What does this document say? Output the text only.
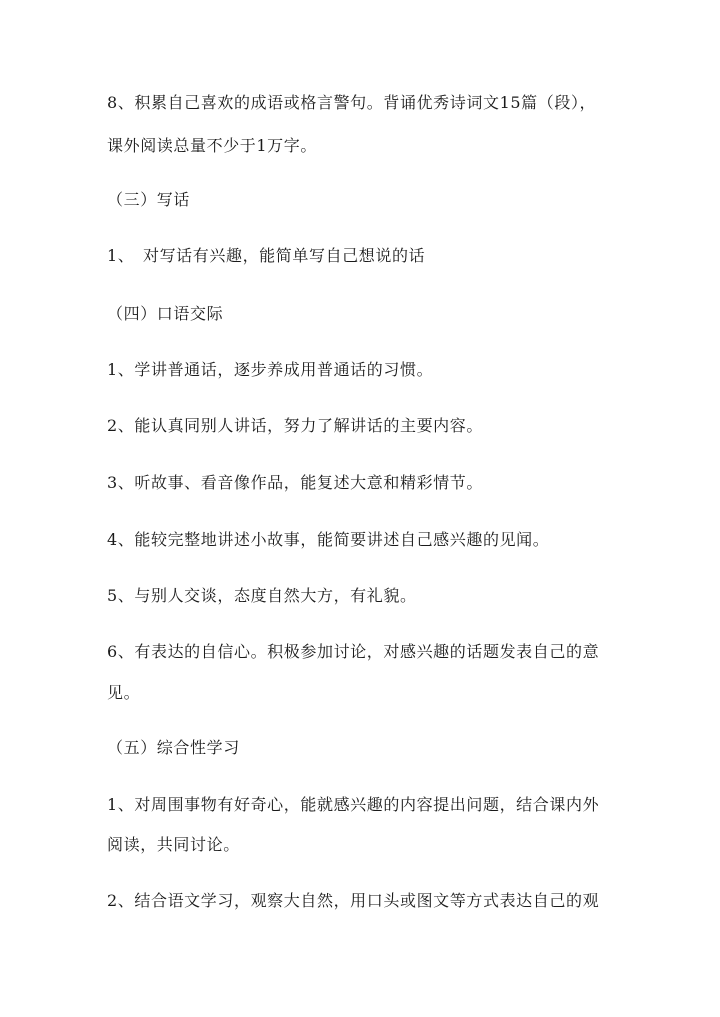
8、积累自己喜欢的成语或格言警句。背诵优秀诗词文15篇（段），
课外阅读总量不少于1万字。
（三）写话
1、　对写话有兴趣，能简单写自己想说的话
（四）口语交际
1、学讲普通话，逐步养成用普通话的习惯。
2、能认真同别人讲话，努力了解讲话的主要内容。
3、听故事、看音像作品，能复述大意和精彩情节。
4、能较完整地讲述小故事，能简要讲述自己感兴趣的见闻。
5、与别人交谈，态度自然大方，有礼貌。
6、有表达的自信心。积极参加讨论，对感兴趣的话题发表自己的意
见。
（五）综合性学习
1、对周围事物有好奇心，能就感兴趣的内容提出问题，结合课内外
阅读，共同讨论。
2、结合语文学习，观察大自然，用口头或图文等方式表达自己的观
